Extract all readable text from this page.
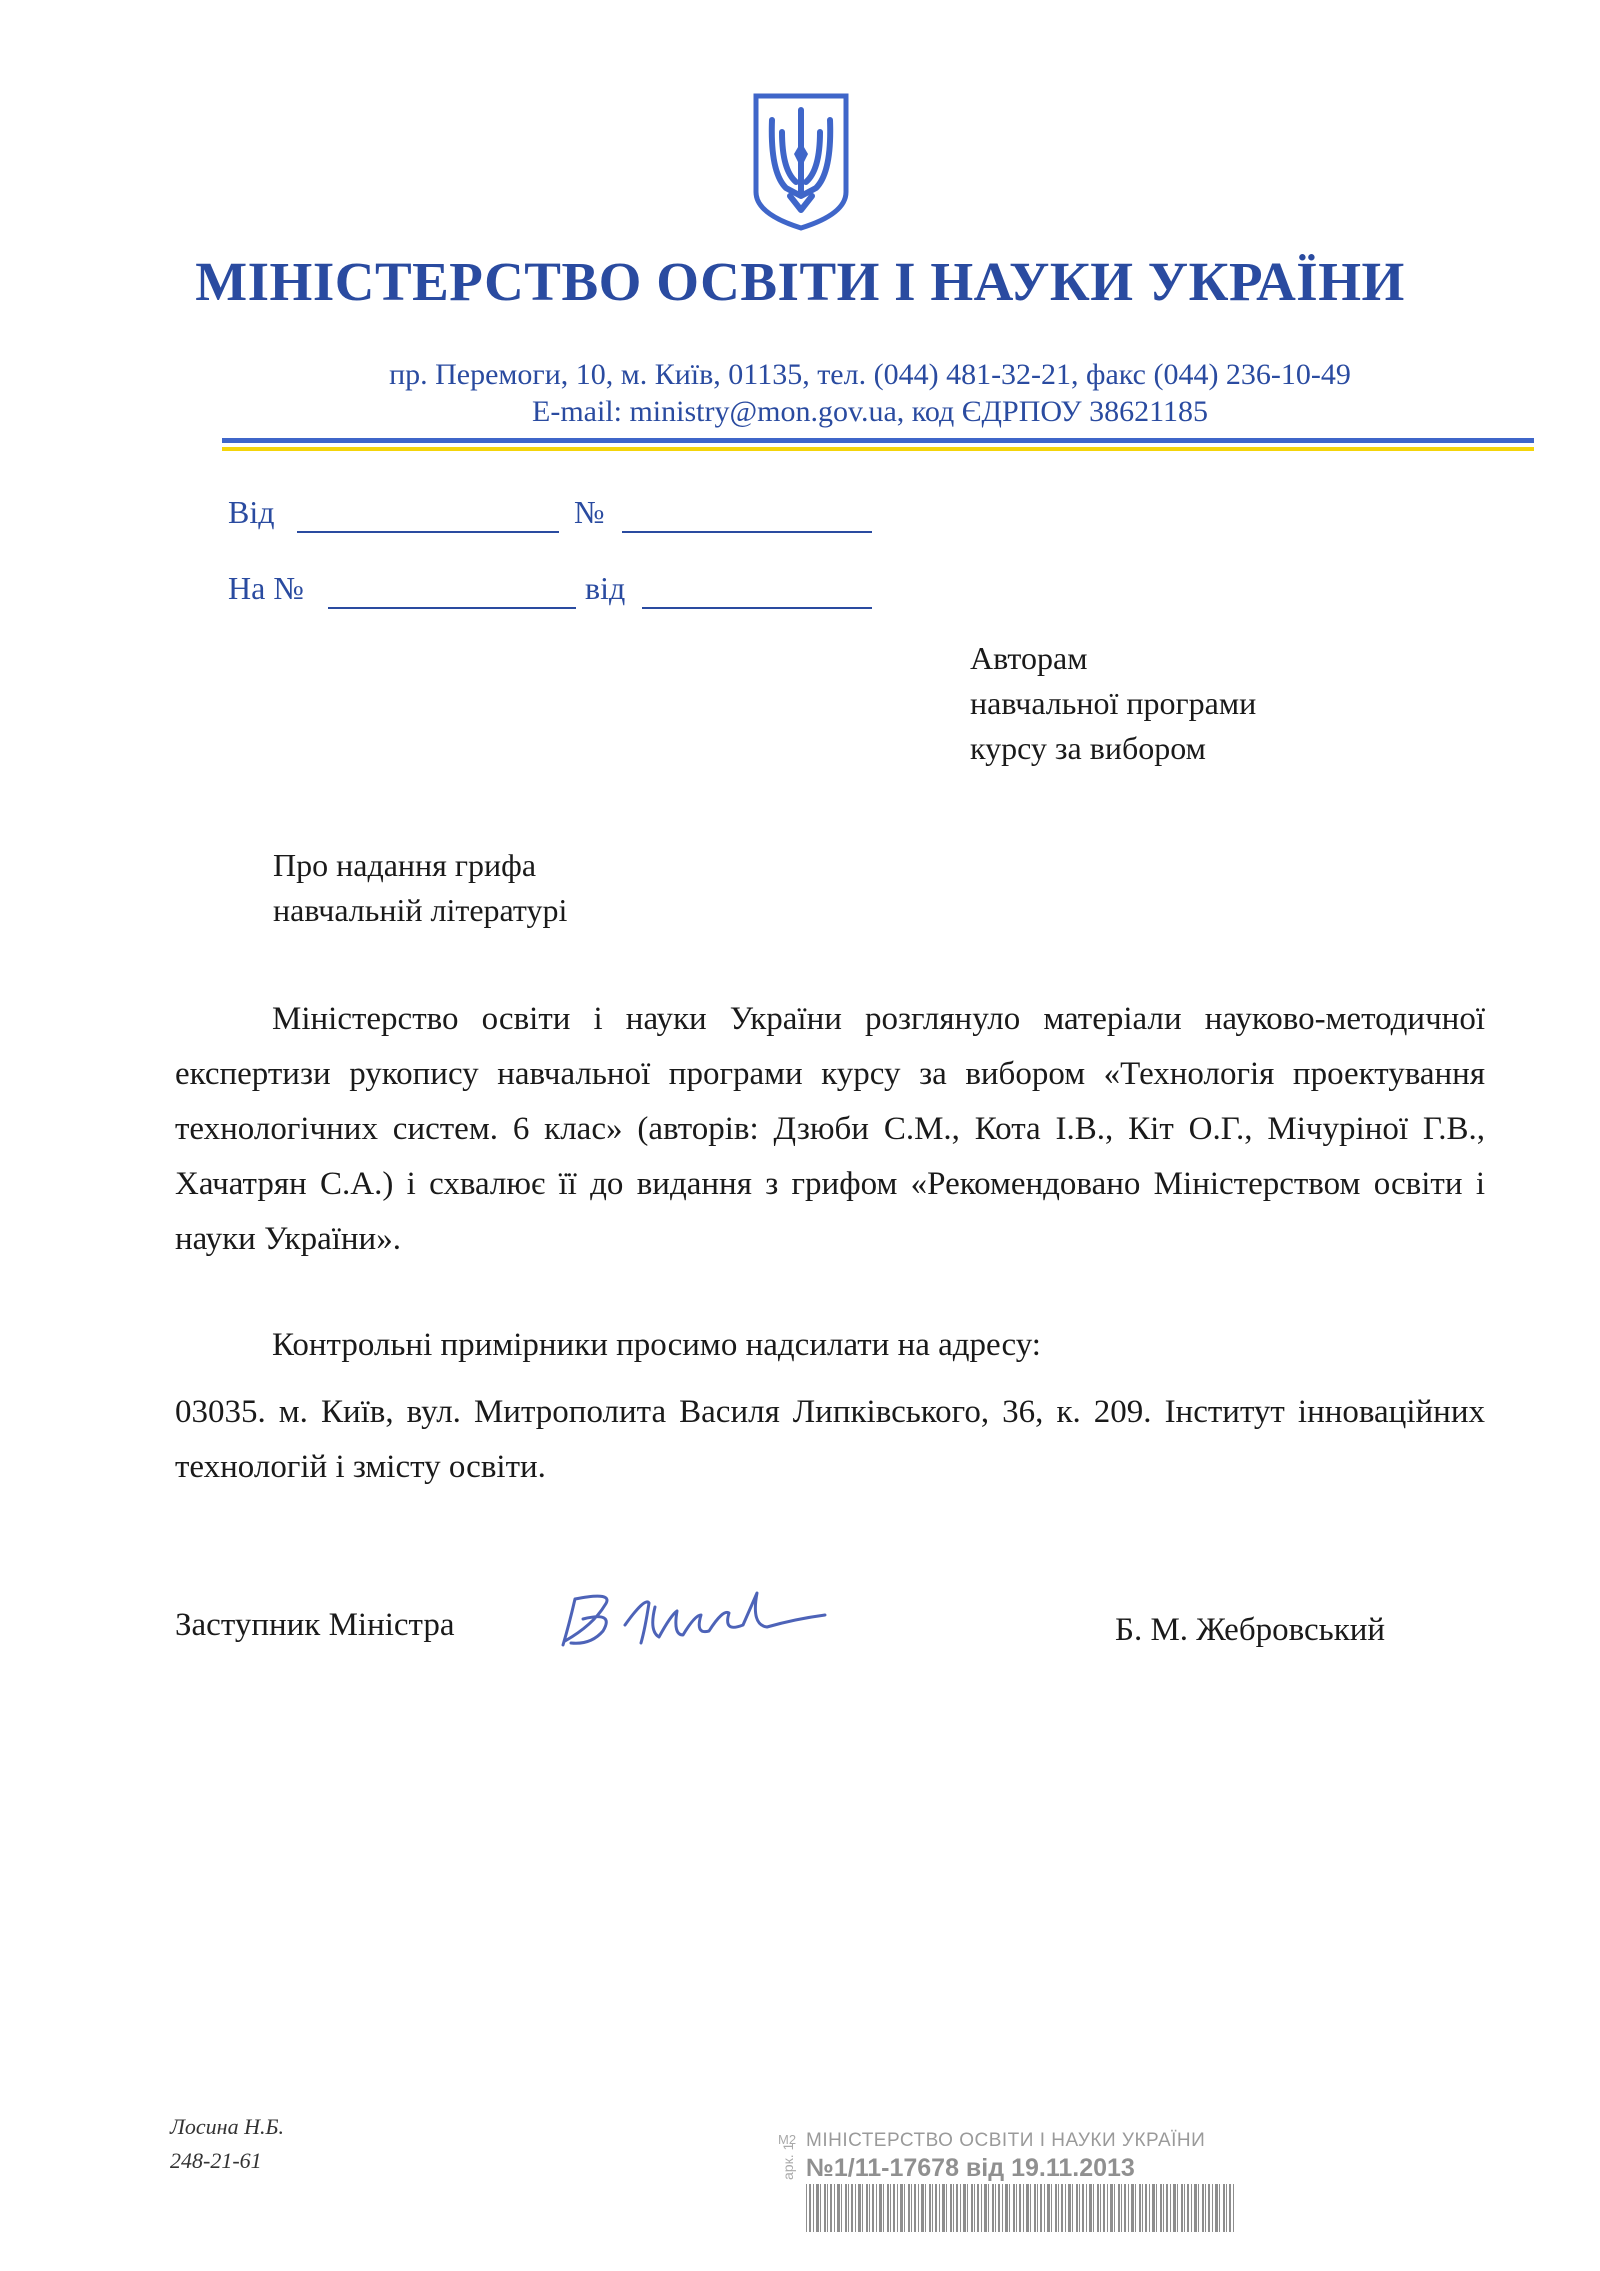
МІНІСТЕРСТВО ОСВІТИ І НАУКИ УКРАЇНИ
пр. Перемоги, 10, м. Київ, 01135, тел. (044) 481-32-21, факс (044) 236-10-49
E-mail: ministry@mon.gov.ua, код ЄДРПОУ 38621185
Від	№
На №	від
Авторам
навчальної програми
курсу за вибором
Про надання грифа
навчальній літературі
Міністерство освіти і науки України розглянуло матеріали науково-методичної експертизи рукопису навчальної програми курсу за вибором «Технологія проектування технологічних систем. 6 клас» (авторів: Дзюби С.М., Кота І.В., Кіт О.Г., Мічуріної Г.В., Хачатрян С.А.) і схвалює її до видання з грифом «Рекомендовано Міністерством освіти і науки України».
Контрольні примірники просимо надсилати на адресу:
03035. м. Київ, вул. Митрополита Василя Липківського, 36, к. 209. Інститут інноваційних технологій і змісту освіти.
Заступник Міністра	Б. М. Жебровський
Лосина Н.Б.
248-21-61
М2 МІНІСТЕРСТВО ОСВІТИ І НАУКИ УКРАЇНИ
№1/11-17678 від 19.11.2013
арк. 1
